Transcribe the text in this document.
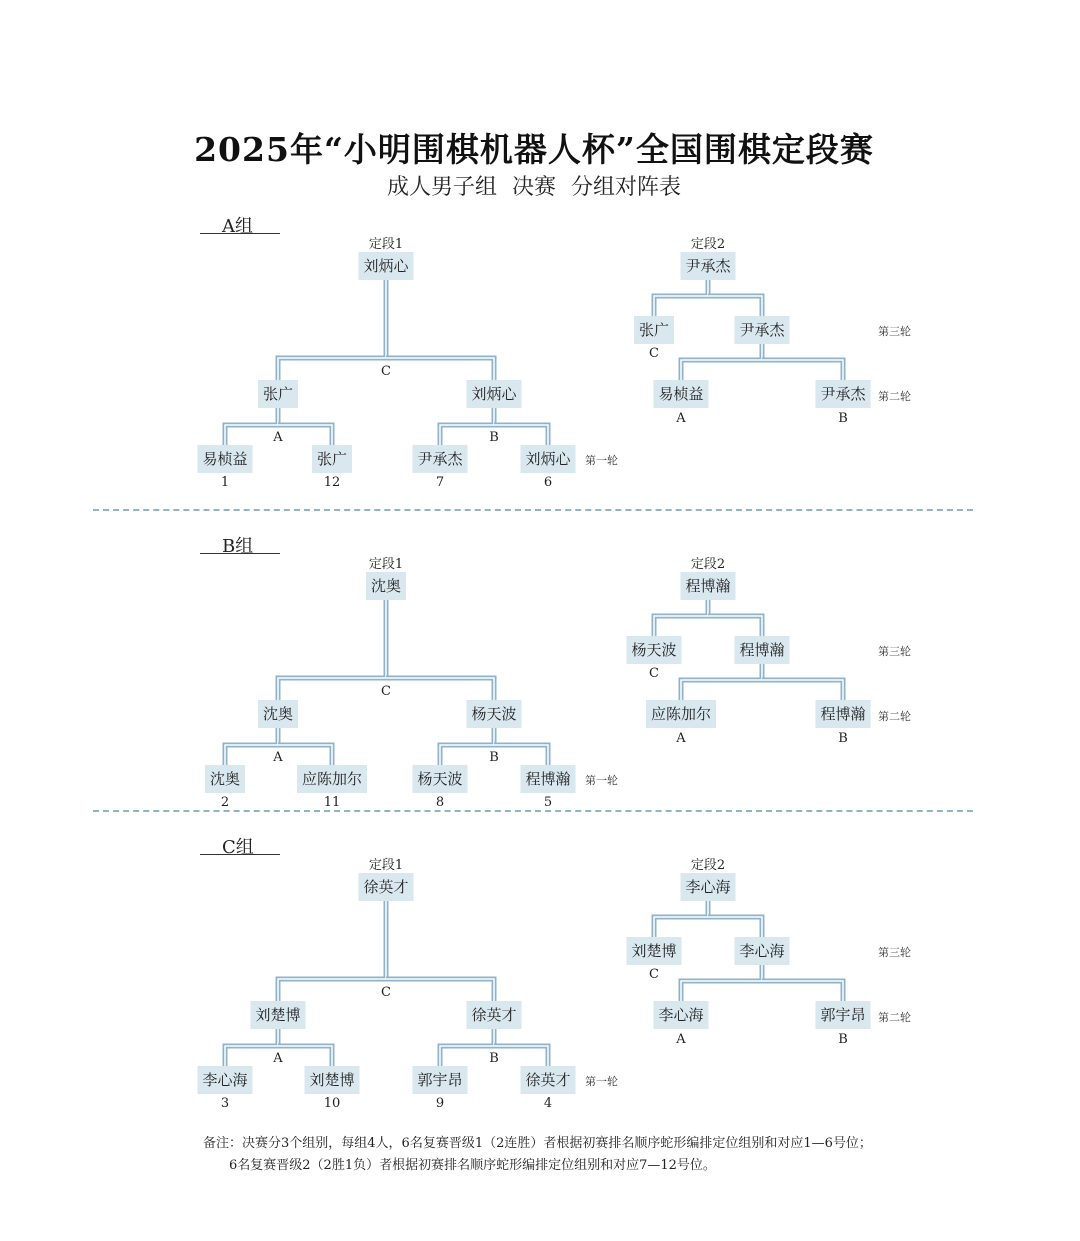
2025年“小明围棋机器人杯”全国围棋定段赛
成人男子组 决赛 分组对阵表
A组
定段1	定段2
刘炳心
张广	刘炳心
易桢益	张广	尹承杰	刘炳心
1	12	7	6
C
A	B
第一轮
尹承杰
张广	尹承杰
易桢益	尹承杰
C
A	B
第三轮
第二轮
B组
定段1	定段2
沈奥
沈奥	杨天波
沈奥	应陈加尔	杨天波	程博瀚
2	11	8	5
C
A	B
第一轮
程博瀚
杨天波	程博瀚
应陈加尔	程博瀚
C
A	B
第三轮
第二轮
C组
定段1	定段2
徐英才
刘楚博	徐英才
李心海	刘楚博	郭宇昂	徐英才
3	10	9	4
C
A	B
第一轮
李心海
刘楚博	李心海
李心海	郭宇昂
C
A	B
第三轮
第二轮
备注：决赛分3个组别，每组4人，6名复赛晋级1（2连胜）者根据初赛排名顺序蛇形编排定位组别和对应1—6号位；
6名复赛晋级2（2胜1负）者根据初赛排名顺序蛇形编排定位组别和对应7—12号位。
